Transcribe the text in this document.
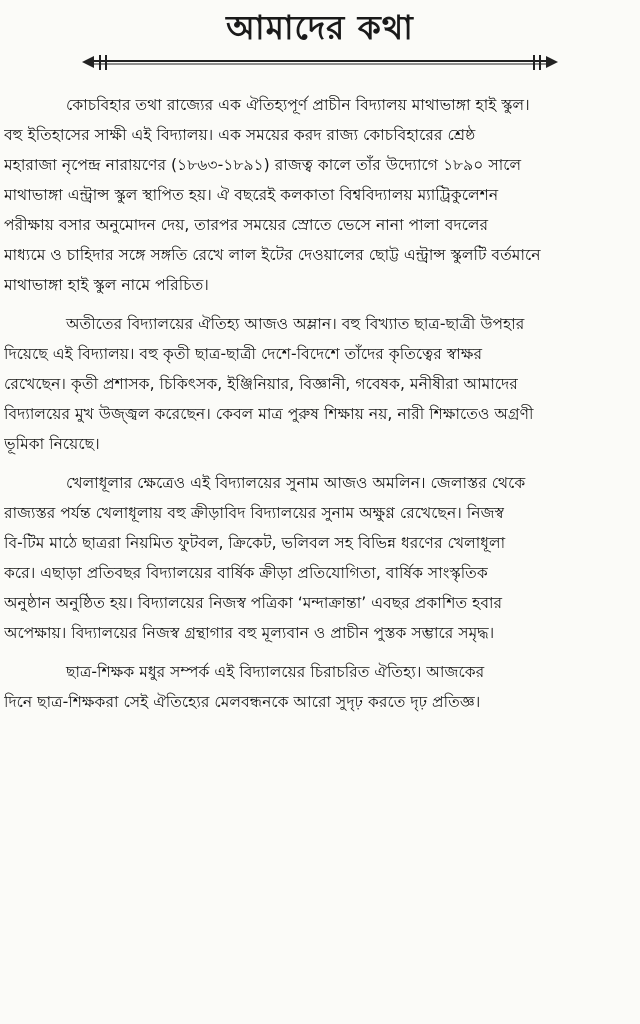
আমাদের কথা
কোচবিহার তথা রাজ্যের এক ঐতিহ্যপূর্ণ প্রাচীন বিদ্যালয় মাথাভাঙ্গা হাই স্কুল।
বহু ইতিহাসের সাক্ষী এই বিদ্যালয়। এক সময়ের করদ রাজ্য কোচবিহারের শ্রেষ্ঠ
মহারাজা নৃপেন্দ্র নারায়ণের (১৮৬৩-১৮৯১) রাজত্ব কালে তাঁর উদ্যোগে ১৮৯০ সালে
মাথাভাঙ্গা এন্ট্রান্স স্কুল স্থাপিত হয়। ঐ বছরেই কলকাতা বিশ্ববিদ্যালয় ম্যাট্রিকুলেশন
পরীক্ষায় বসার অনুমোদন দেয়, তারপর সময়ের স্রোতে ভেসে নানা পালা বদলের
মাধ্যমে ও চাহিদার সঙ্গে সঙ্গতি রেখে লাল ইটের দেওয়ালের ছোট্ট এন্ট্রান্স স্কুলটি বর্তমানে
মাথাভাঙ্গা হাই স্কুল নামে পরিচিত।
অতীতের বিদ্যালয়ের ঐতিহ্য আজও অম্লান। বহু বিখ্যাত ছাত্র-ছাত্রী উপহার
দিয়েছে এই বিদ্যালয়। বহু কৃতী ছাত্র-ছাত্রী দেশে-বিদেশে তাঁদের কৃতিত্বের স্বাক্ষর
রেখেছেন। কৃতী প্রশাসক, চিকিৎসক, ইঞ্জিনিয়ার, বিজ্ঞানী, গবেষক, মনীষীরা আমাদের
বিদ্যালয়ের মুখ উজ্জ্বল করেছেন। কেবল মাত্র পুরুষ শিক্ষায় নয়, নারী শিক্ষাতেও অগ্রণী
ভূমিকা নিয়েছে।
খেলাধূলার ক্ষেত্রেও এই বিদ্যালয়ের সুনাম আজও অমলিন। জেলাস্তর থেকে
রাজ্যস্তর পর্যন্ত খেলাধূলায় বহু ক্রীড়াবিদ বিদ্যালয়ের সুনাম অক্ষুণ্ণ রেখেছেন। নিজস্ব
বি-টিম মাঠে ছাত্ররা নিয়মিত ফুটবল, ক্রিকেট, ভলিবল সহ বিভিন্ন ধরণের খেলাধূলা
করে। এছাড়া প্রতিবছর বিদ্যালয়ের বার্ষিক ক্রীড়া প্রতিযোগিতা, বার্ষিক সাংস্কৃতিক
অনুষ্ঠান অনুষ্ঠিত হয়। বিদ্যালয়ের নিজস্ব পত্রিকা ‘মন্দাক্রান্তা’ এবছর প্রকাশিত হবার
অপেক্ষায়। বিদ্যালয়ের নিজস্ব গ্রন্থাগার বহু মূল্যবান ও প্রাচীন পুস্তক সম্ভারে সমৃদ্ধ।
ছাত্র-শিক্ষক মধুর সম্পর্ক এই বিদ্যালয়ের চিরাচরিত ঐতিহ্য। আজকের
দিনে ছাত্র-শিক্ষকরা সেই ঐতিহ্যের মেলবন্ধনকে আরো সুদৃঢ় করতে দৃঢ় প্রতিজ্ঞ।
